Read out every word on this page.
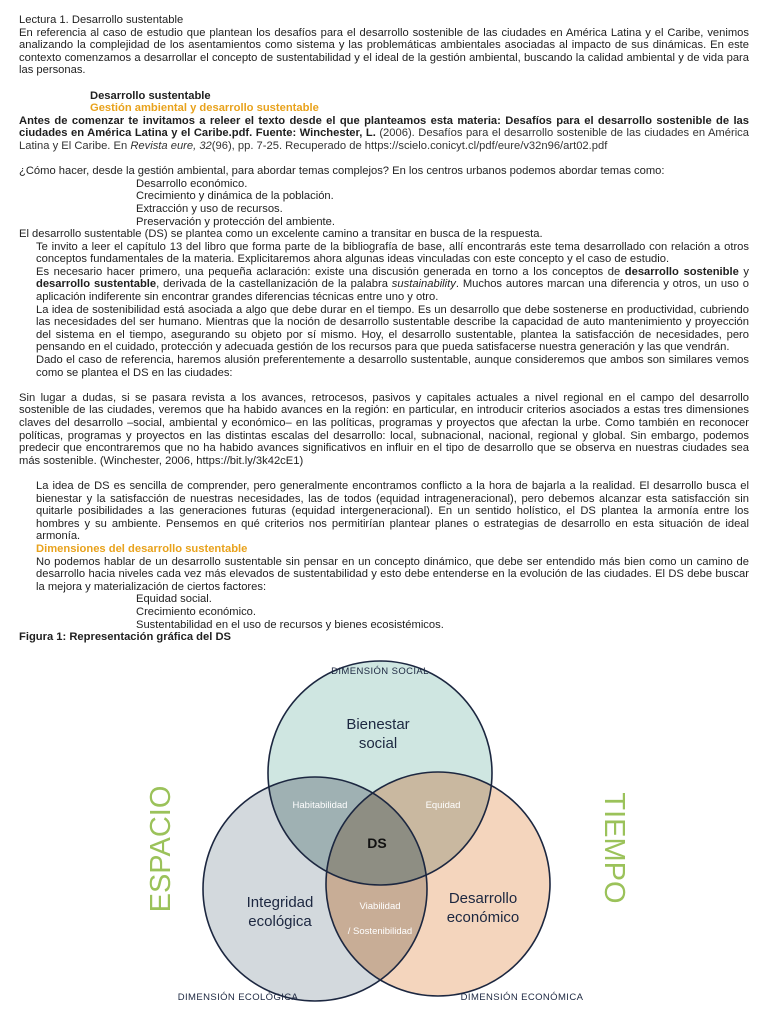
Lectura 1. Desarrollo sustentable

En referencia al caso de estudio que plantean los desafíos para el desarrollo sostenible de las ciudades en América Latina y el Caribe, venimos analizando la complejidad de los asentamientos como sistema y las problemáticas ambientales asociadas al impacto de sus dinámicas. En este contexto comenzamos a desarrollar el concepto de sustentabilidad y el ideal de la gestión ambiental, buscando la calidad ambiental y de vida para las personas.

Desarrollo sustentable

Gestión ambiental y desarrollo sustentable

Antes de comenzar te invitamos a releer el texto desde el que planteamos esta materia: Desafíos para el desarrollo sostenible de las ciudades en América Latina y el Caribe.pdf. Fuente: Winchester, L. (2006). Desafíos para el desarrollo sostenible de las ciudades en América Latina y El Caribe. En Revista eure, 32(96), pp. 7-25. Recuperado de https://scielo.conicyt.cl/pdf/eure/v32n96/art02.pdf

¿Cómo hacer, desde la gestión ambiental, para abordar temas complejos? En los centros urbanos podemos abordar temas como:

Desarrollo económico.

Crecimiento y dinámica de la población.

Extracción y uso de recursos.

Preservación y protección del ambiente.

El desarrollo sustentable (DS) se plantea como un excelente camino a transitar en busca de la respuesta.

Te invito a leer el capítulo 13 del libro que forma parte de la bibliografía de base, allí encontrarás este tema desarrollado con relación a otros conceptos fundamentales de la materia. Explicitaremos ahora algunas ideas vinculadas con este concepto y el caso de estudio.

Es necesario hacer primero, una pequeña aclaración: existe una discusión generada en torno a los conceptos de desarrollo sostenible y desarrollo sustentable, derivada de la castellanización de la palabra sustainability. Muchos autores marcan una diferencia y otros, un uso o aplicación indiferente sin encontrar grandes diferencias técnicas entre uno y otro.

La idea de sostenibilidad está asociada a algo que debe durar en el tiempo. Es un desarrollo que debe sostenerse en productividad, cubriendo las necesidades del ser humano. Mientras que la noción de desarrollo sustentable describe la capacidad de auto mantenimiento y proyección del sistema en el tiempo, asegurando su objeto por sí mismo. Hoy, el desarrollo sustentable, plantea la satisfacción de necesidades, pero pensando en el cuidado, protección y adecuada gestión de los recursos para que pueda satisfacerse nuestra generación y las que vendrán.

Dado el caso de referencia, haremos alusión preferentemente a desarrollo sustentable, aunque consideremos que ambos son similares vemos como se plantea el DS en las ciudades:

Sin lugar a dudas, si se pasara revista a los avances, retrocesos, pasivos y capitales actuales a nivel regional en el campo del desarrollo sostenible de las ciudades, veremos que ha habido avances en la región: en particular, en introducir criterios asociados a estas tres dimensiones claves del desarrollo –social, ambiental y económico– en las políticas, programas y proyectos que afectan la urbe. Como también en reconocer políticas, programas y proyectos en las distintas escalas del desarrollo: local, subnacional, nacional, regional y global. Sin embargo, podemos predecir que encontraremos que no ha habido avances significativos en influir en el tipo de desarrollo que se observa en nuestras ciudades sea más sostenible. (Winchester, 2006, https://bit.ly/3k42cE1)

La idea de DS es sencilla de comprender, pero generalmente encontramos conflicto a la hora de bajarla a la realidad. El desarrollo busca el bienestar y la satisfacción de nuestras necesidades, las de todos (equidad intrageneracional), pero debemos alcanzar esta satisfacción sin quitarle posibilidades a las generaciones futuras (equidad intergeneracional). En un sentido holístico, el DS plantea la armonía entre los hombres y su ambiente. Pensemos en qué criterios nos permitirían plantear planes o estrategias de desarrollo en esta situación de ideal armonía.

Dimensiones del desarrollo sustentable

No podemos hablar de un desarrollo sustentable sin pensar en un concepto dinámico, que debe ser entendido más bien como un camino de desarrollo hacia niveles cada vez más elevados de sustentabilidad y esto debe entenderse en la evolución de las ciudades. El DS debe buscar la mejora y materialización de ciertos factores:

Equidad social.

Crecimiento económico.

Sustentabilidad en el uso de recursos y bienes ecosistémicos.

Figura 1: Representación gráfica del DS

DIMENSIÓN SOCIAL
DIMENSIÓN ECOLÓGICA	DIMENSIÓN ECONÓMICA
ESPACIO	TIEMPO
Bienestar
social
Integridad
ecológica
Desarrollo
económico
Habitabilidad	Equidad
Viabilidad
/ Sostenibilidad
DS
